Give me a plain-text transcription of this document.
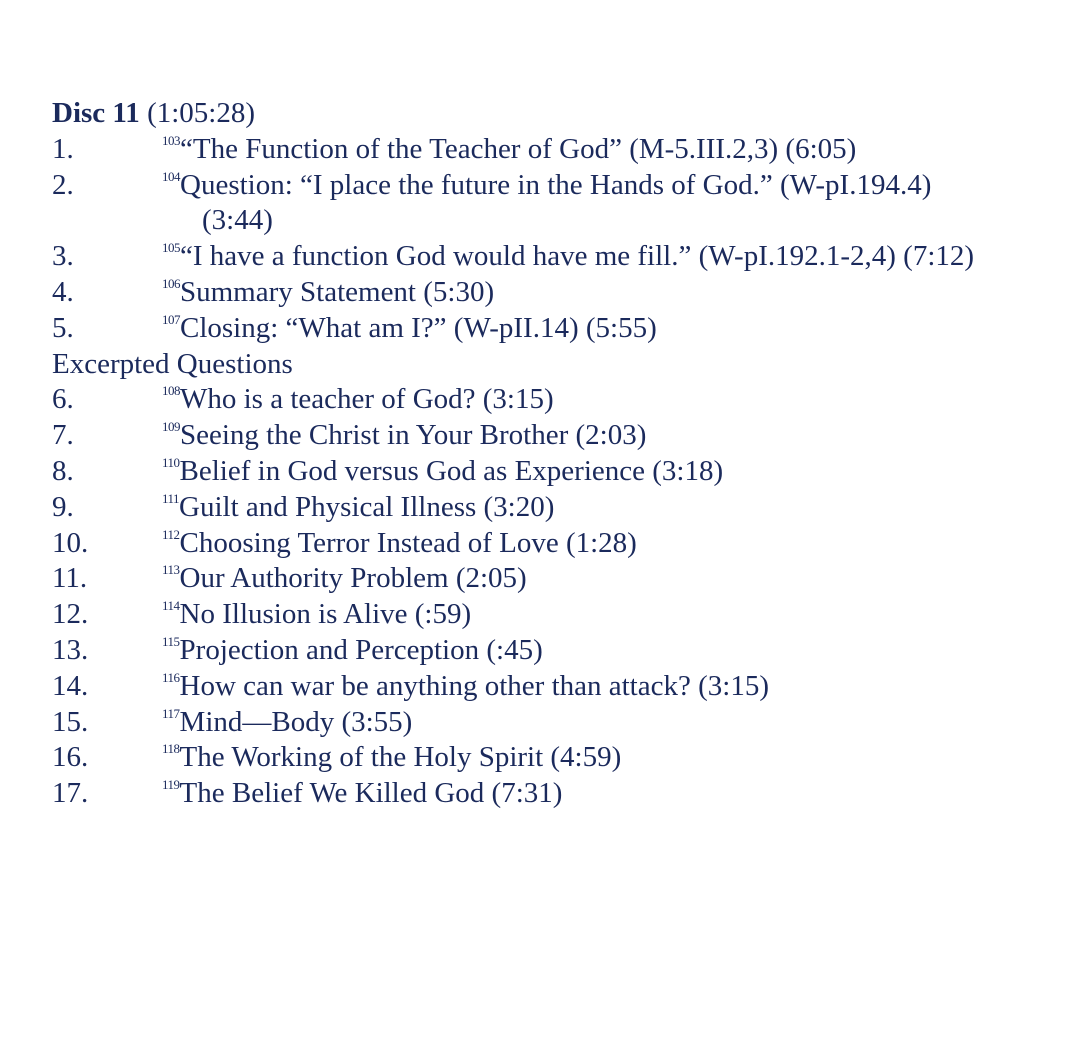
Disc 11 (1:05:28)
1.	$^{103}$“The Function of the Teacher of God” (M-5.III.2,3) (6:05)
2.	$^{104}$Question: “I place the future in the Hands of God.” (W-pI.194.4)
(3:44)
3.	$^{105}$“I have a function God would have me fill.” (W-pI.192.1-2,4) (7:12)
4.	$^{106}$Summary Statement (5:30)
5.	$^{107}$Closing: “What am I?” (W-pII.14) (5:55)
Excerpted Questions
6.	$^{108}$Who is a teacher of God? (3:15)
7.	$^{109}$Seeing the Christ in Your Brother (2:03)
8.	$^{110}$Belief in God versus God as Experience (3:18)
9.	$^{111}$Guilt and Physical Illness (3:20)
10.	$^{112}$Choosing Terror Instead of Love (1:28)
11.	$^{113}$Our Authority Problem (2:05)
12.	$^{114}$No Illusion is Alive (:59)
13.	$^{115}$Projection and Perception (:45)
14.	$^{116}$How can war be anything other than attack? (3:15)
15.	$^{117}$Mind—Body (3:55)
16.	$^{118}$The Working of the Holy Spirit (4:59)
17.	$^{119}$The Belief We Killed God (7:31)
